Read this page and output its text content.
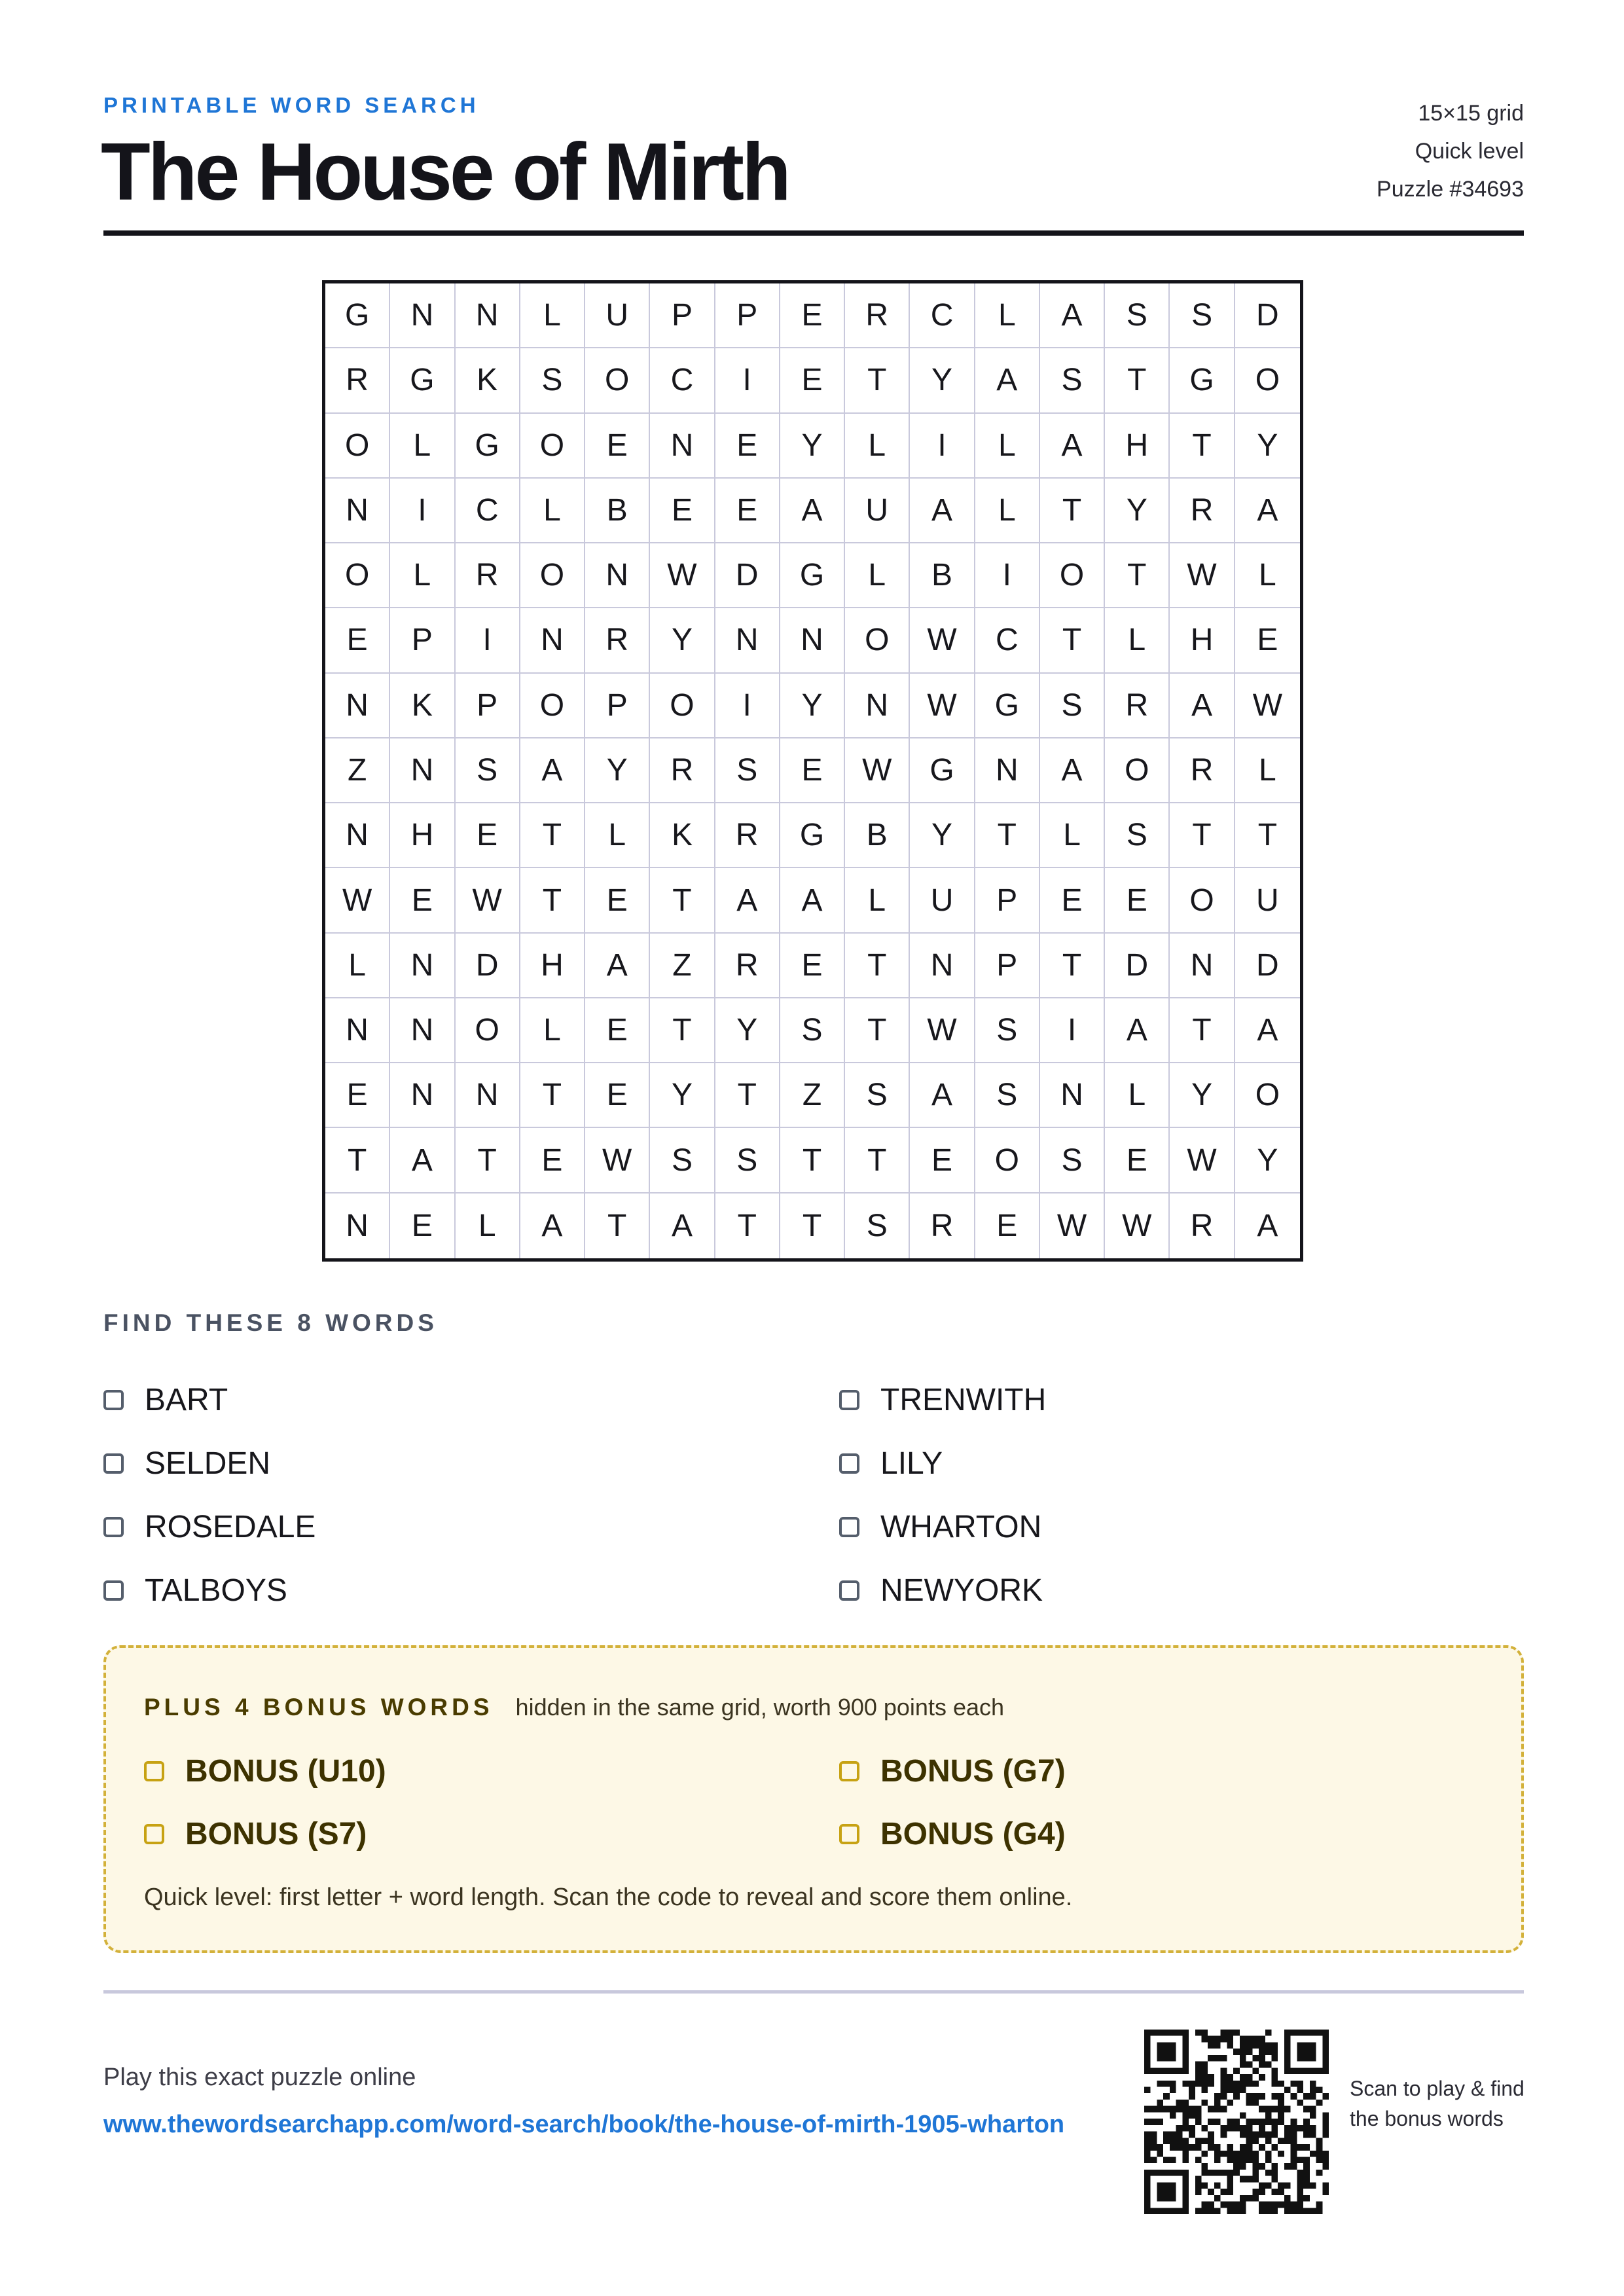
PRINTABLE WORD SEARCH
The House of Mirth
15×15 grid
Quick level
Puzzle #34693
G	N	N	L	U	P	P	E	R	C	L	A	S	S	D
R	G	K	S	O	C	I	E	T	Y	A	S	T	G	O
O	L	G	O	E	N	E	Y	L	I	L	A	H	T	Y
N	I	C	L	B	E	E	A	U	A	L	T	Y	R	A
O	L	R	O	N	W	D	G	L	B	I	O	T	W	L
E	P	I	N	R	Y	N	N	O	W	C	T	L	H	E
N	K	P	O	P	O	I	Y	N	W	G	S	R	A	W
Z	N	S	A	Y	R	S	E	W	G	N	A	O	R	L
N	H	E	T	L	K	R	G	B	Y	T	L	S	T	T
W	E	W	T	E	T	A	A	L	U	P	E	E	O	U
L	N	D	H	A	Z	R	E	T	N	P	T	D	N	D
N	N	O	L	E	T	Y	S	T	W	S	I	A	T	A
E	N	N	T	E	Y	T	Z	S	A	S	N	L	Y	O
T	A	T	E	W	S	S	T	T	E	O	S	E	W	Y
N	E	L	A	T	A	T	T	S	R	E	W	W	R	A
FIND THESE 8 WORDS
BART
SELDEN
ROSEDALE
TALBOYS
TRENWITH
LILY
WHARTON
NEWYORK
PLUS 4 BONUS WORDS hidden in the same grid, worth 900 points each
BONUS (U10)
BONUS (S7)
BONUS (G7)
BONUS (G4)
Quick level: first letter + word length. Scan the code to reveal and score them online.
Play this exact puzzle online
www.thewordsearchapp.com/word-search/book/the-house-of-mirth-1905-wharton
Scan to play & find the bonus words
